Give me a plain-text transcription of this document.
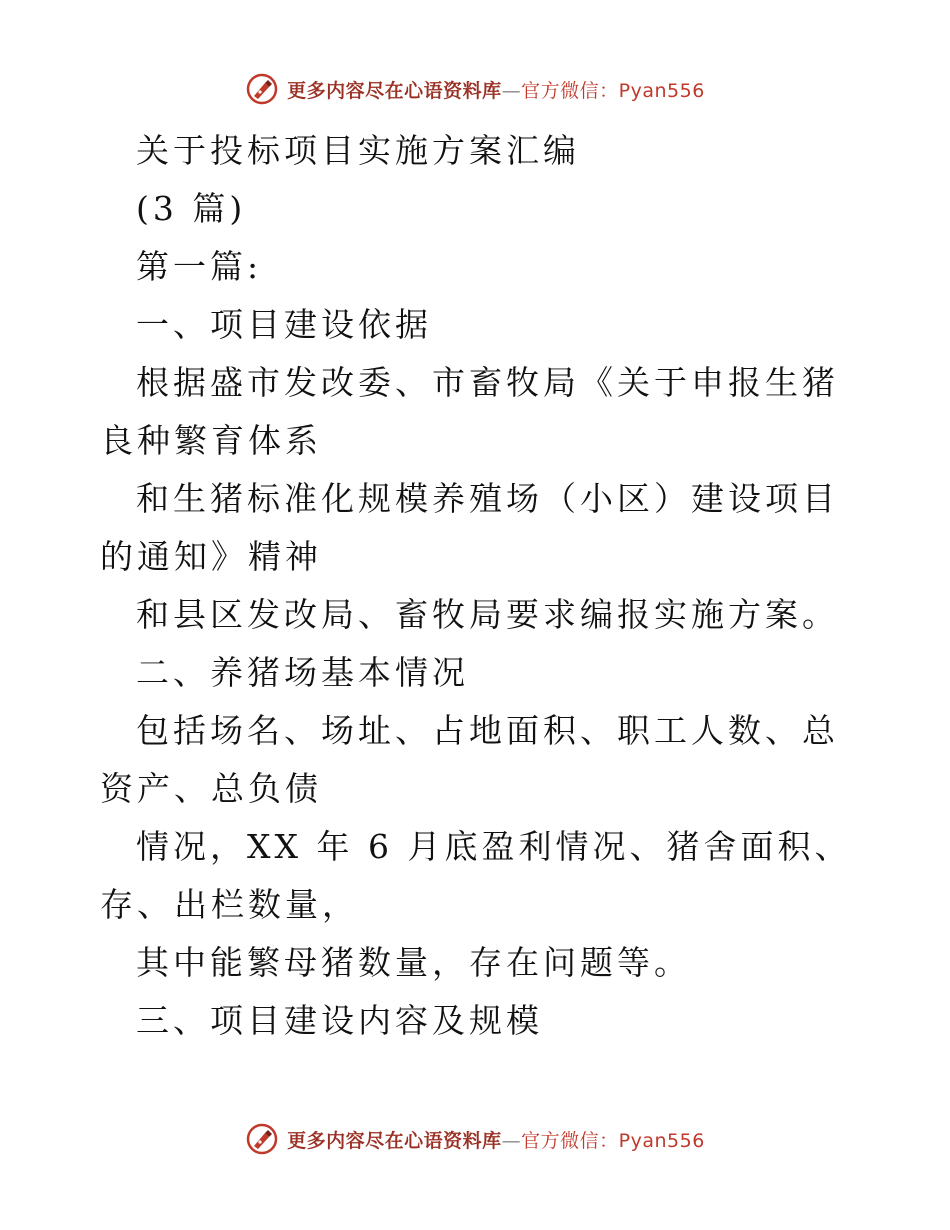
更多内容尽在心语资料库—官方微信：Pyan556

关于投标项目实施方案汇编

(3 篇)

第一篇:

一、项目建设依据

根据盛市发改委、市畜牧局《关于申报生猪良种繁育体系

和生猪标准化规模养殖场（小区）建设项目的通知》精神

和县区发改局、畜牧局要求编报实施方案。

二、养猪场基本情况

包括场名、场址、占地面积、职工人数、总资产、总负债

情况，XX 年 6 月底盈利情况、猪舍面积、存、出栏数量，

其中能繁母猪数量，存在问题等。

三、项目建设内容及规模

更多内容尽在心语资料库—官方微信：Pyan556
